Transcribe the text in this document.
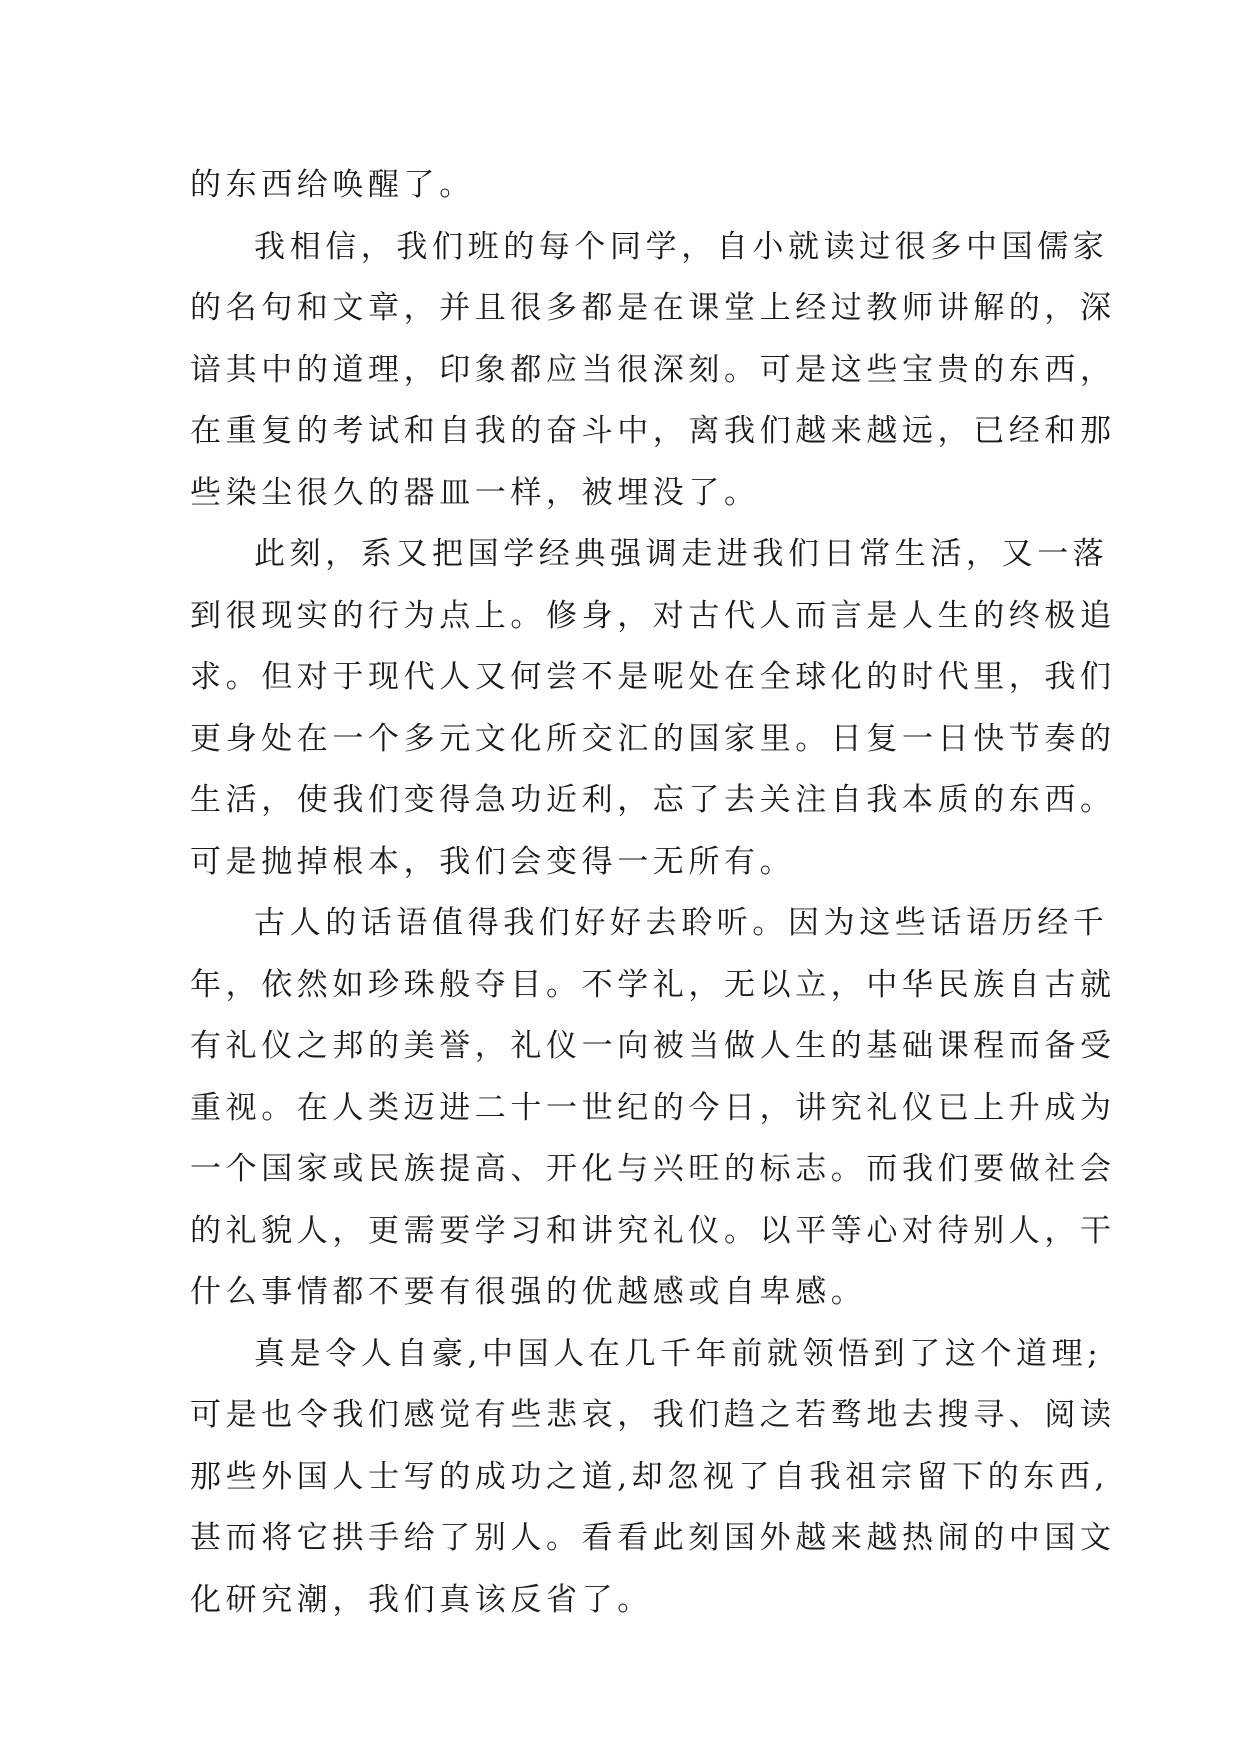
的东西给唤醒了。
我相信，我们班的每个同学，自小就读过很多中国儒家
的名句和文章，并且很多都是在课堂上经过教师讲解的，深
谙其中的道理，印象都应当很深刻。可是这些宝贵的东西，
在重复的考试和自我的奋斗中，离我们越来越远，已经和那
些染尘很久的器皿一样，被埋没了。
此刻，系又把国学经典强调走进我们日常生活，又一落
到很现实的行为点上。修身，对古代人而言是人生的终极追
求。但对于现代人又何尝不是呢处在全球化的时代里，我们
更身处在一个多元文化所交汇的国家里。日复一日快节奏的
生活，使我们变得急功近利，忘了去关注自我本质的东西。
可是抛掉根本，我们会变得一无所有。
古人的话语值得我们好好去聆听。因为这些话语历经千
年，依然如珍珠般夺目。不学礼，无以立，中华民族自古就
有礼仪之邦的美誉，礼仪一向被当做人生的基础课程而备受
重视。在人类迈进二十一世纪的今日，讲究礼仪已上升成为
一个国家或民族提高、开化与兴旺的标志。而我们要做社会
的礼貌人，更需要学习和讲究礼仪。以平等心对待别人，干
什么事情都不要有很强的优越感或自卑感。
真是令人自豪,中国人在几千年前就领悟到了这个道理;
可是也令我们感觉有些悲哀，我们趋之若骛地去搜寻、阅读
那些外国人士写的成功之道,却忽视了自我祖宗留下的东西,
甚而将它拱手给了别人。看看此刻国外越来越热闹的中国文
化研究潮，我们真该反省了。
